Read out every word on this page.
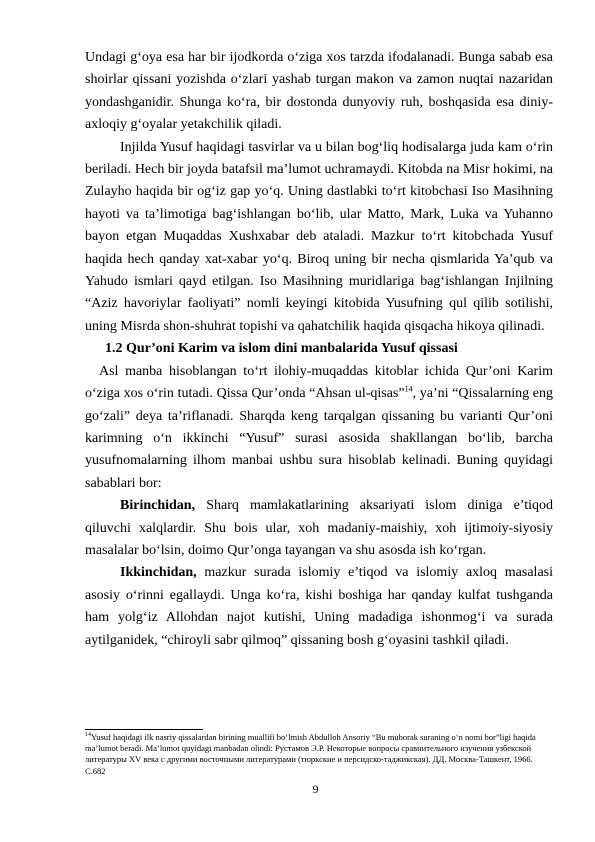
Undagi g‘oya esa har bir ijodkorda o‘ziga xos tarzda ifodalanadi. Bunga sabab esa shoirlar qissani yozishda o‘zlari yashab turgan makon va zamon nuqtai nazaridan yondashganidir. Shunga ko‘ra, bir dostonda dunyoviy ruh, boshqasida esa diniy-axloqiy g‘oyalar yetakchilik qiladi.

Injilda Yusuf haqidagi tasvirlar va u bilan bog‘liq hodisalarga juda kam o‘rin beriladi. Hech bir joyda batafsil ma’lumot uchramaydi. Kitobda na Misr hokimi, na Zulayho haqida bir og‘iz gap yo‘q. Uning dastlabki to‘rt kitobchasi Iso Masihning hayoti va ta’limotiga bag‘ishlangan bo‘lib, ular Matto, Mark, Luka va Yuhanno bayon etgan Muqaddas Xushxabar deb ataladi. Mazkur to‘rt kitobchada Yusuf haqida hech qanday xat-xabar yo‘q. Biroq uning bir necha qismlarida Ya’qub va Yahudo ismlari qayd etilgan. Iso Masihning muridlariga bag‘ishlangan Injilning “Aziz havoriylar faoliyati” nomli keyingi kitobida Yusufning qul qilib sotilishi, uning Misrda shon-shuhrat topishi va qahatchilik haqida qisqacha hikoya qilinadi.

1.2 Qur’oni Karim va islom dini manbalarida Yusuf qissasi

Asl manba hisoblangan to‘rt ilohiy-muqaddas kitoblar ichida Qur’oni Karim o‘ziga xos o‘rin tutadi. Qissa Qur’onda “Ahsan ul-qisas”$^{14}$, ya’ni “Qissalarning eng go‘zali” deya ta’riflanadi. Sharqda keng tarqalgan qissaning bu varianti Qur’oni karimning o‘n ikkinchi “Yusuf” surasi asosida shakllangan bo‘lib, barcha yusufnomalarning ilhom manbai ushbu sura hisoblab kelinadi. Buning quyidagi sabablari bor:

Birinchidan, Sharq mamlakatlarining aksariyati islom diniga e’tiqod qiluvchi xalqlardir. Shu bois ular, xoh madaniy-maishiy, xoh ijtimoiy-siyosiy masalalar bo‘lsin, doimo Qur’onga tayangan va shu asosda ish ko‘rgan.

Ikkinchidan, mazkur surada islomiy e’tiqod va islomiy axloq masalasi asosiy o‘rinni egallaydi. Unga ko‘ra, kishi boshiga har qanday kulfat tushganda ham yolg‘iz Allohdan najot kutishi, Uning madadiga ishonmog‘i va surada aytilganidek, “chiroyli sabr qilmoq” qissaning bosh g‘oyasini tashkil qiladi.

$^{14}$Yusuf haqidagi ilk nasriy qissalardan birining muallifi bo‘lmish Abdulloh Ansoriy “Bu muborak suraning o‘n nomi bor”ligi haqida ma’lumot beradi. Ma’lumot quyidagi manbadan olindi: Рустамов Э.Р. Некоторые вопросы сравнительного изучения узбекской литературы XV века с другими восточными литературами (тюркские и персидско-таджикская). ДД. Москва-Ташкент, 1966. С.682
9
